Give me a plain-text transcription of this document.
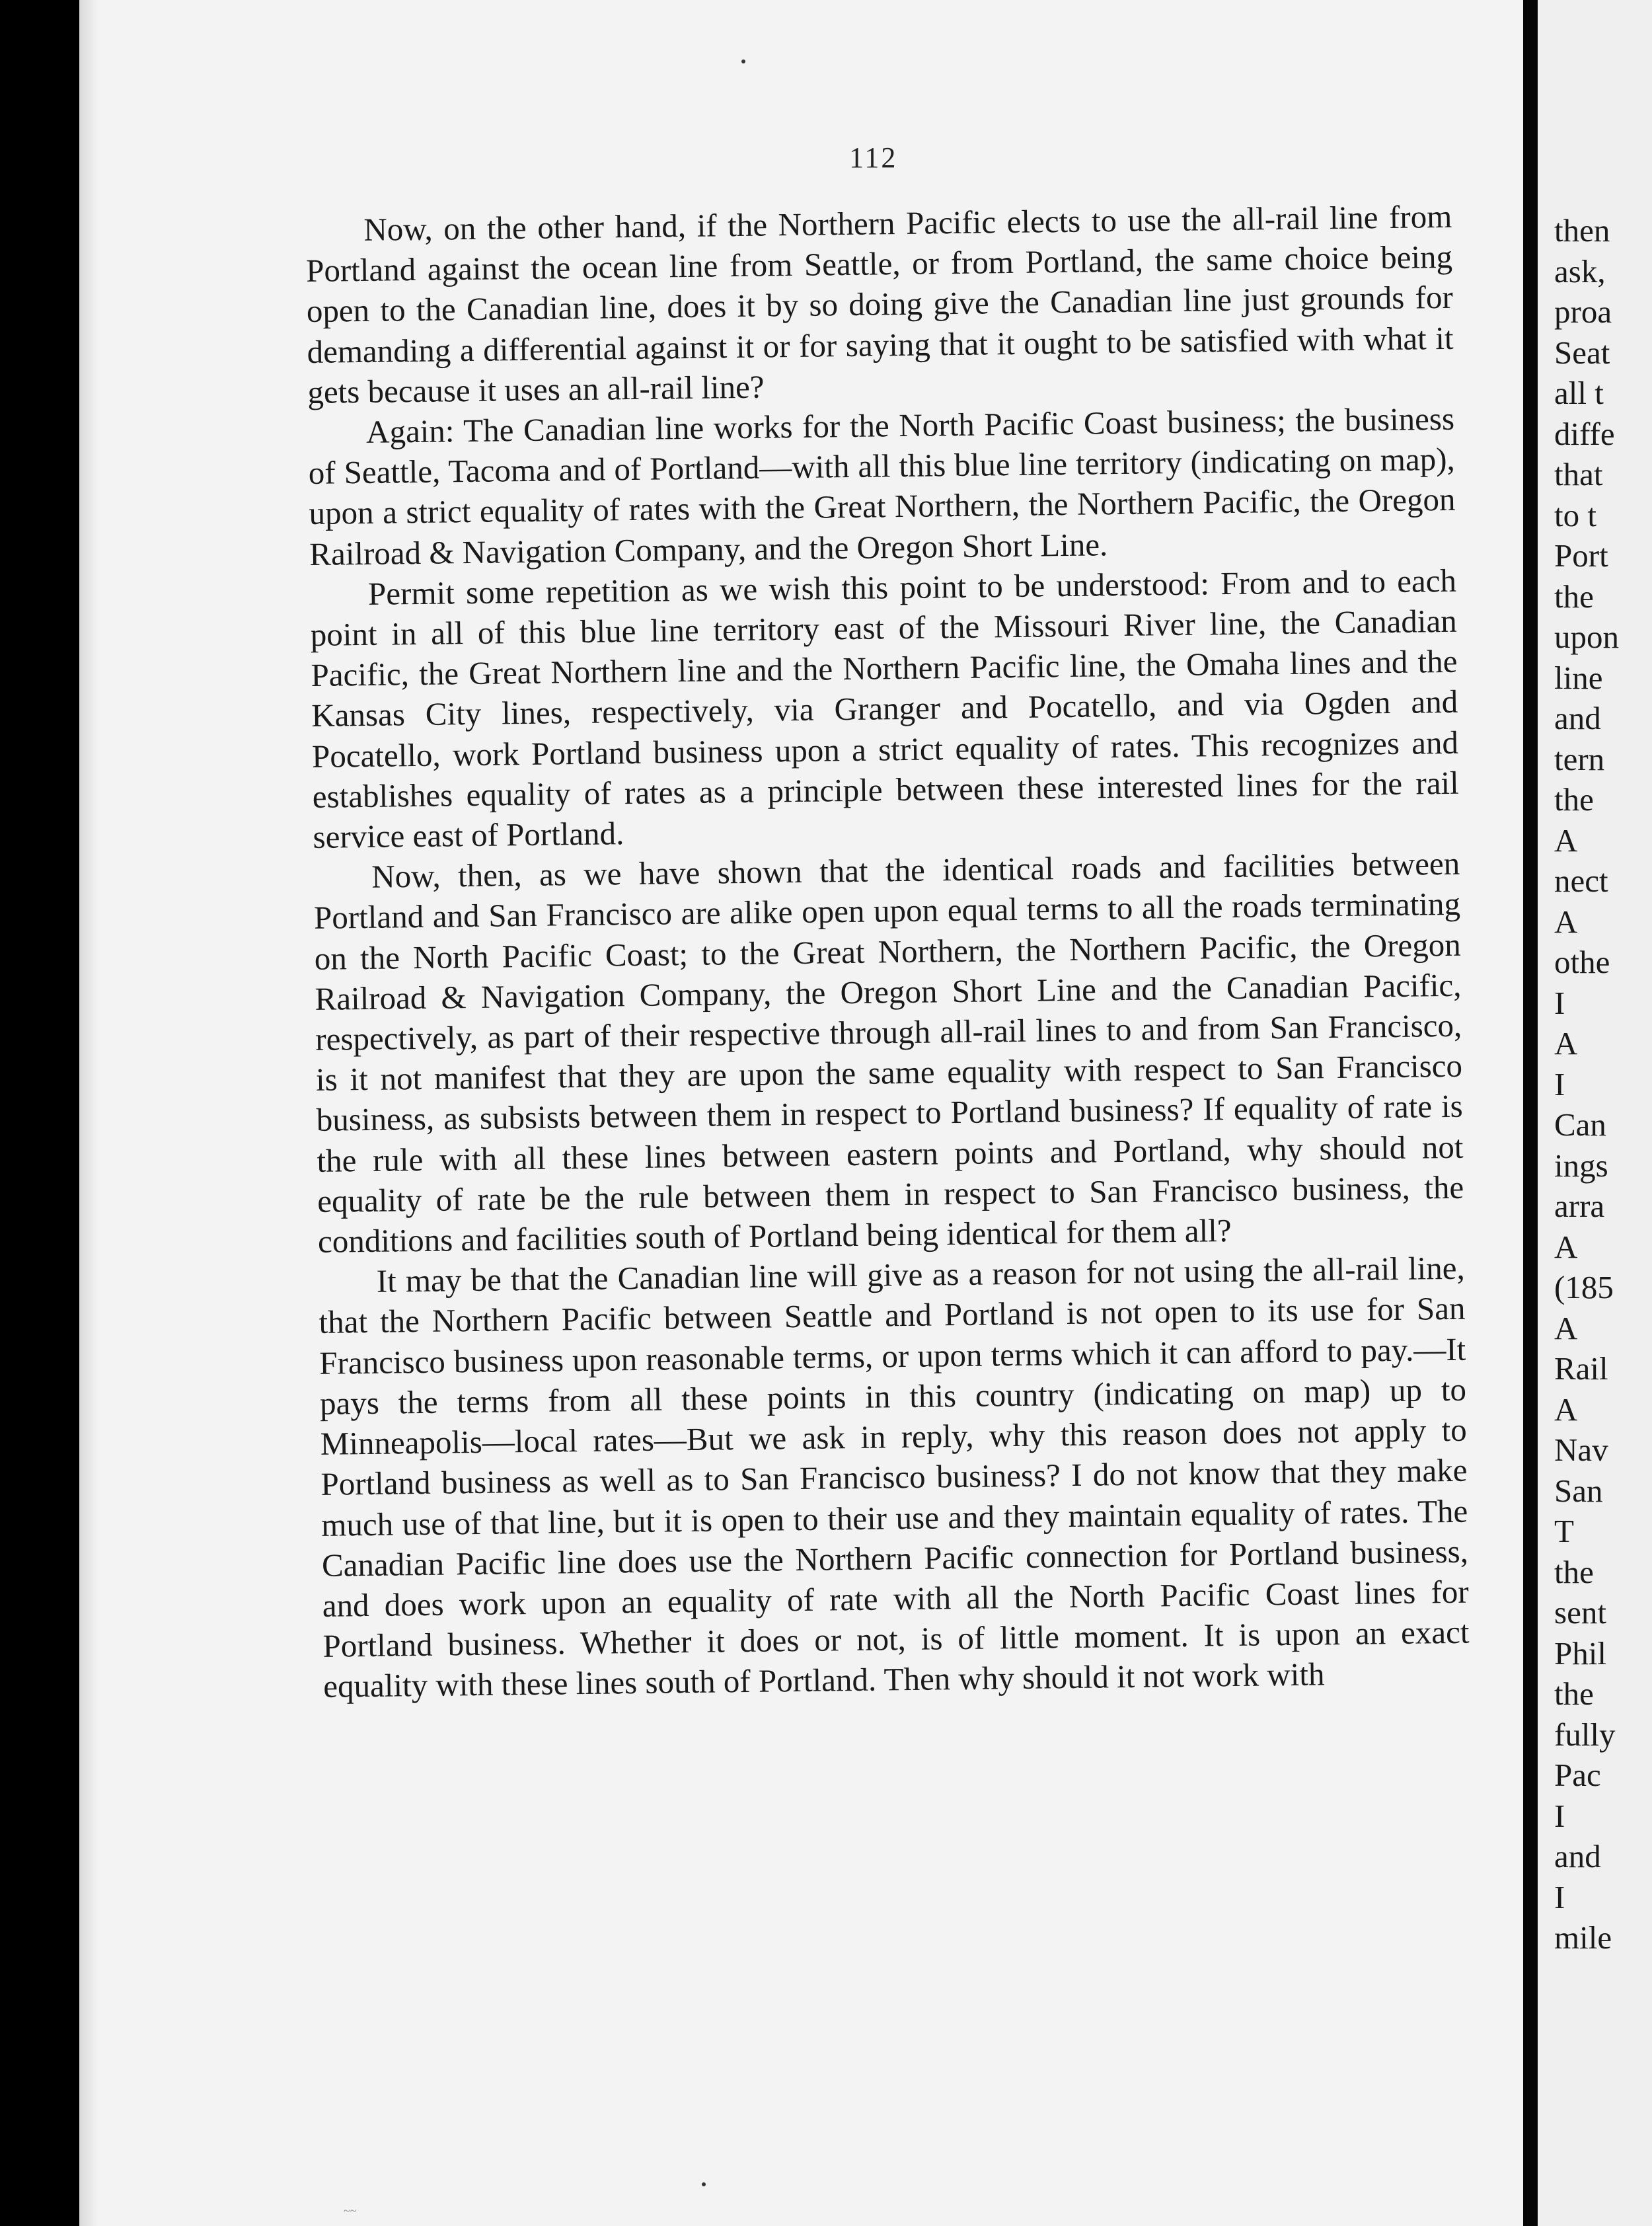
112

Now, on the other hand, if the Northern Pacific elects to use the all-rail line from Portland against the ocean line from Seattle, or from Portland, the same choice being open to the Canadian line, does it by so doing give the Canadian line just grounds for demanding a differential against it or for saying that it ought to be satisfied with what it gets because it uses an all-rail line?

Again: The Canadian line works for the North Pacific Coast business; the business of Seattle, Tacoma and of Portland—with all this blue line territory (indicating on map), upon a strict equality of rates with the Great Northern, the Northern Pacific, the Oregon Railroad & Navigation Company, and the Oregon Short Line.

Permit some repetition as we wish this point to be understood: From and to each point in all of this blue line territory east of the Missouri River line, the Canadian Pacific, the Great Northern line and the Northern Pacific line, the Omaha lines and the Kansas City lines, respectively, via Granger and Pocatello, and via Ogden and Pocatello, work Portland business upon a strict equality of rates. This recognizes and establishes equality of rates as a principle between these interested lines for the rail service east of Portland.

Now, then, as we have shown that the identical roads and facilities between Portland and San Francisco are alike open upon equal terms to all the roads terminating on the North Pacific Coast; to the Great Northern, the Northern Pacific, the Oregon Railroad & Navigation Company, the Oregon Short Line and the Canadian Pacific, respectively, as part of their respective through all-rail lines to and from San Francisco, is it not manifest that they are upon the same equality with respect to San Francisco business, as subsists between them in respect to Portland business? If equality of rate is the rule with all these lines between eastern points and Portland, why should not equality of rate be the rule between them in respect to San Francisco business, the conditions and facilities south of Portland being identical for them all?

It may be that the Canadian line will give as a reason for not using the all-rail line, that the Northern Pacific between Seattle and Portland is not open to its use for San Francisco business upon reasonable terms, or upon terms which it can afford to pay.—It pays the terms from all these points in this country (indicating on map) up to Minneapolis—local rates—But we ask in reply, why this reason does not apply to Portland business as well as to San Francisco business? I do not know that they make much use of that line, but it is open to their use and they maintain equality of rates. The Canadian Pacific line does use the Northern Pacific connection for Portland business, and does work upon an equality of rate with all the North Pacific Coast lines for Portland business. Whether it does or not, is of little moment. It is upon an exact equality with these lines south of Portland. Then why should it not work with

then
ask,
proa
Seat
all t
diffe
that
to t
Port
the
upon
line
and
tern
the
A
nect
A
othe
I
A
I
Can
ings
arra
A
(185
A
Rail
A
Nav
San
T
the
sent
Phil
the
fully
Pac
I
and
I
mile
~~
